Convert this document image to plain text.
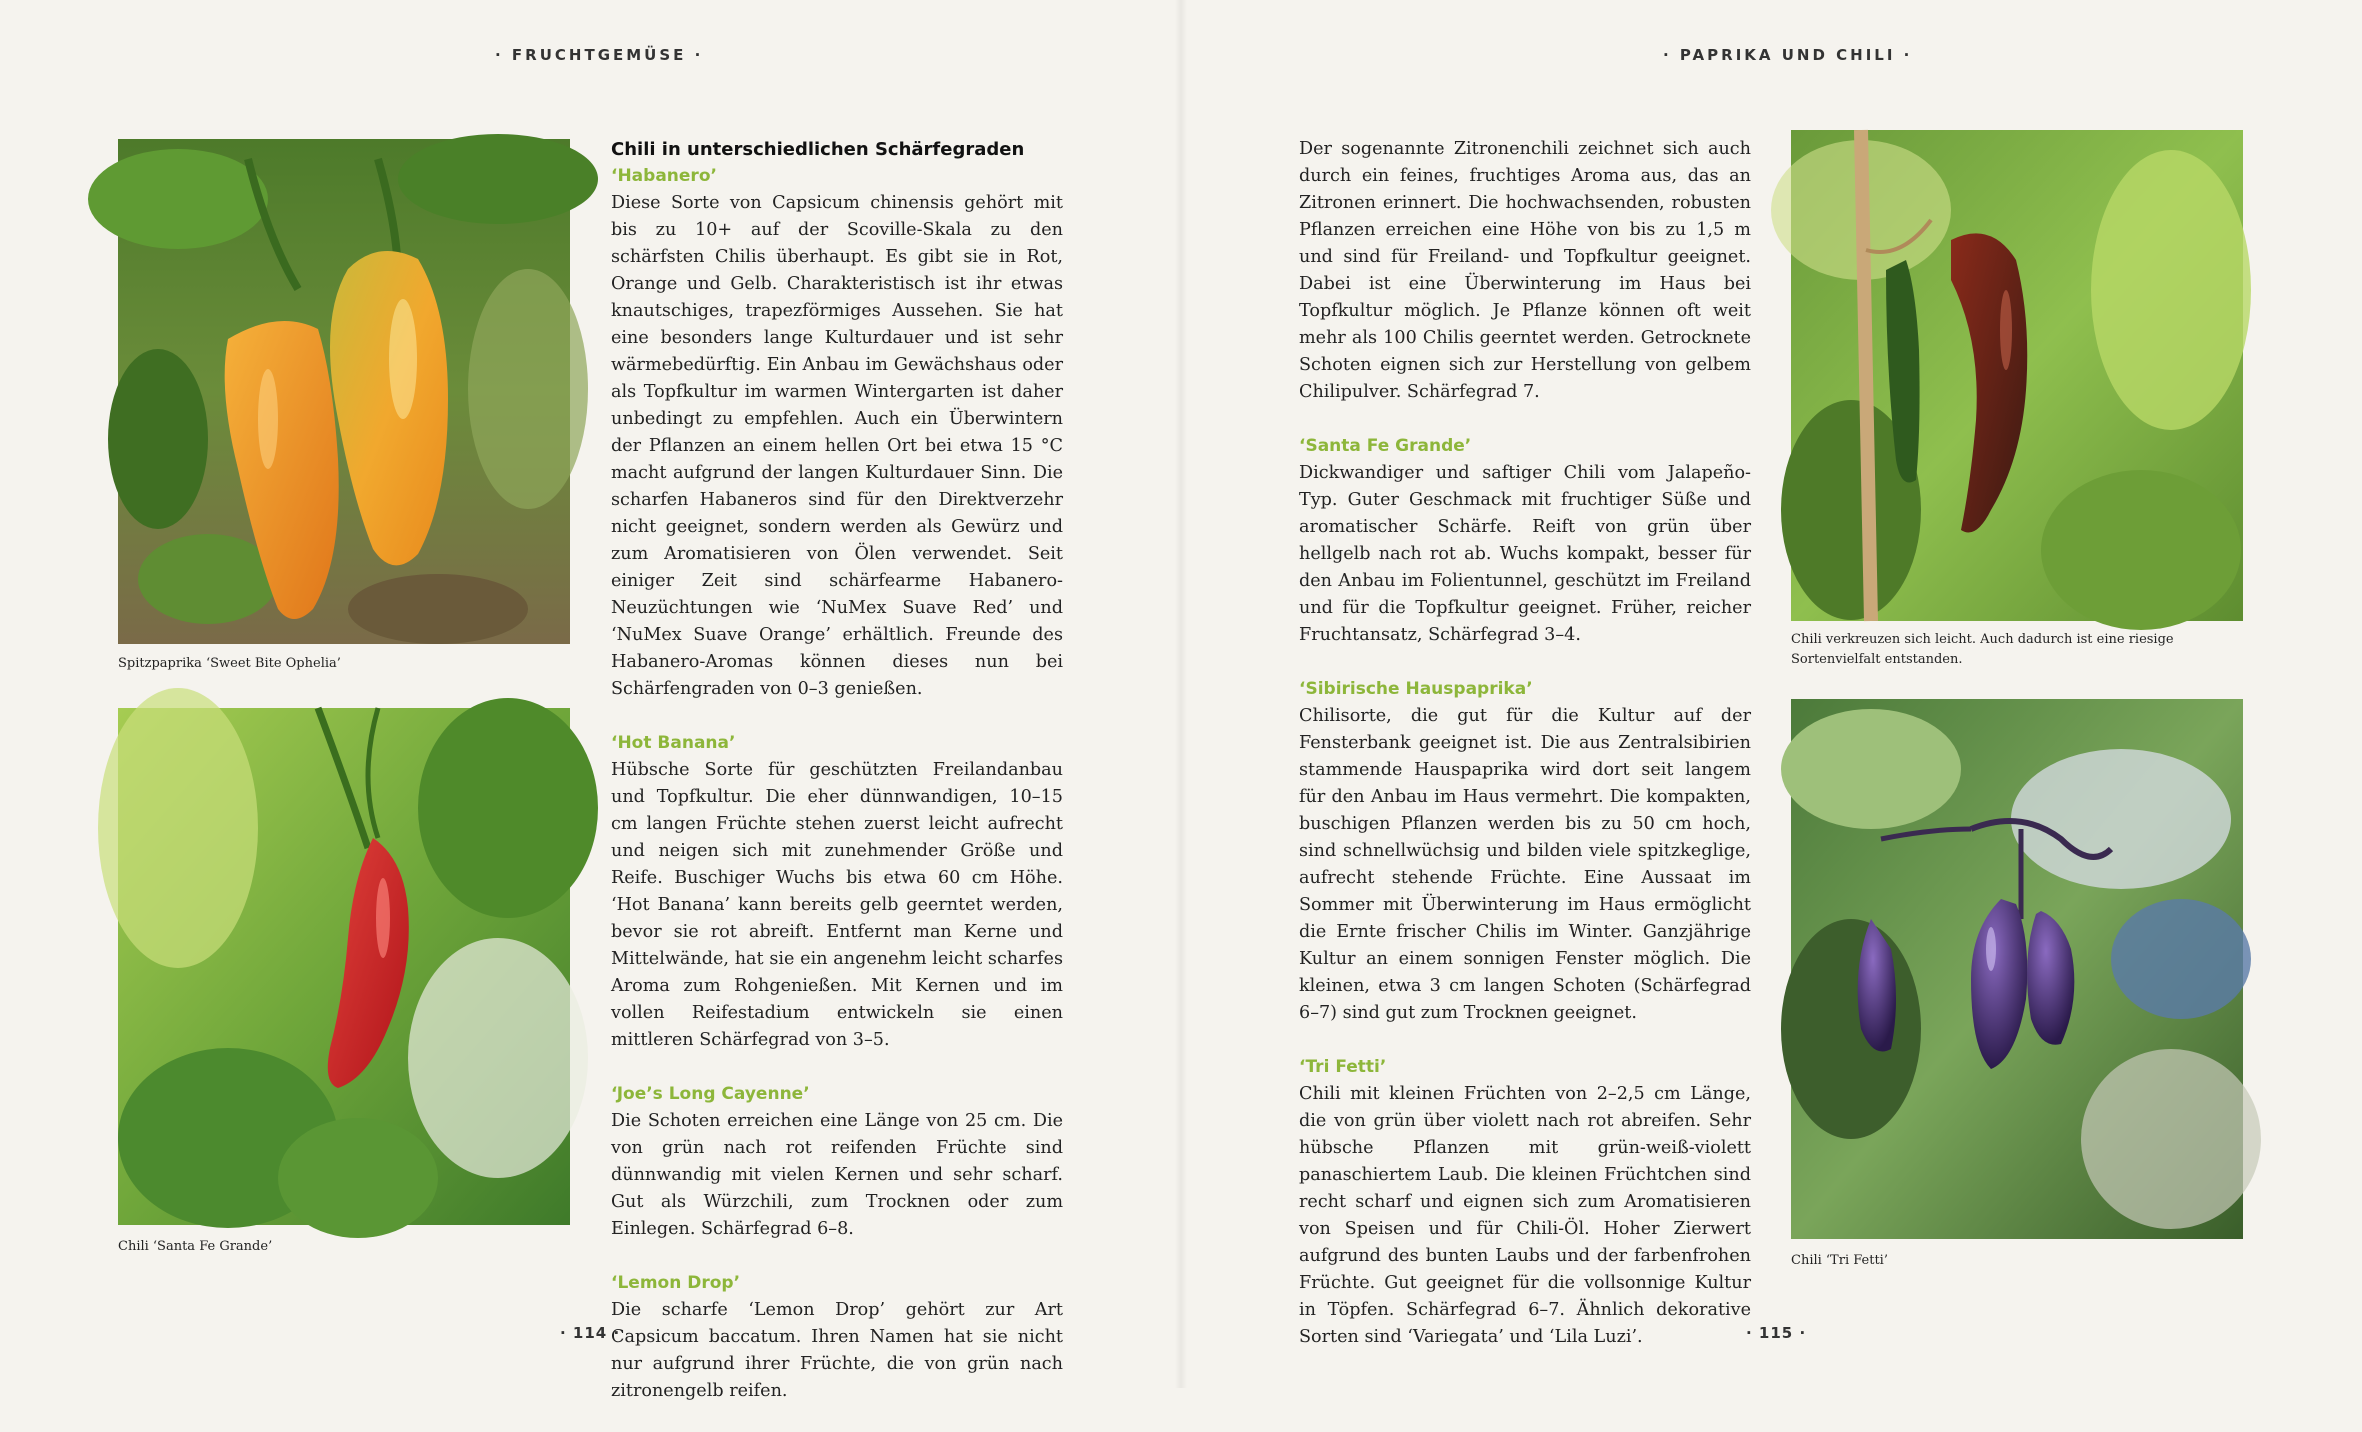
· FRUCHTGEMÜSE ·
Spitzpaprika ‘Sweet Bite Ophelia’
Chili ‘Santa Fe Grande’
Chili in unterschiedlichen Schärfegraden
‘Habanero’

Diese Sorte von Capsicum chinensis gehört mit bis zu 10+ auf der Scoville-Skala zu den schärfsten Chilis überhaupt. Es gibt sie in Rot, Orange und Gelb. Charakteristisch ist ihr etwas knautschiges, trapezförmiges Aussehen. Sie hat eine besonders lange Kulturdauer und ist sehr wärmebedürftig. Ein Anbau im Gewächshaus oder als Topfkultur im warmen Wintergarten ist daher unbedingt zu empfehlen. Auch ein Überwintern der Pflanzen an einem hellen Ort bei etwa 15 °C macht aufgrund der langen Kulturdauer Sinn. Die scharfen Habaneros sind für den Direktverzehr nicht geeignet, sondern werden als Gewürz und zum Aromatisieren von Ölen verwendet. Seit einiger Zeit sind schärfearme Habanero-Neuzüchtungen wie ‘NuMex Suave Red’ und ‘NuMex Suave Orange’ erhältlich. Freunde des Habanero-Aromas können dieses nun bei Schärfengraden von 0–3 genießen.

‘Hot Banana’

Hübsche Sorte für geschützten Freilandanbau und Topfkultur. Die eher dünnwandigen, 10–15 cm langen Früchte stehen zuerst leicht aufrecht und neigen sich mit zunehmender Größe und Reife. Buschiger Wuchs bis etwa 60 cm Höhe. ‘Hot Banana’ kann bereits gelb geerntet werden, bevor sie rot abreift. Entfernt man Kerne und Mittelwände, hat sie ein angenehm leicht scharfes Aroma zum Rohgenießen. Mit Kernen und im vollen Reifestadium entwickeln sie einen mittleren Schärfegrad von 3–5.

‘Joe’s Long Cayenne’

Die Schoten erreichen eine Länge von 25 cm. Die von grün nach rot reifenden Früchte sind dünnwandig mit vielen Kernen und sehr scharf. Gut als Würzchili, zum Trocknen oder zum Einlegen. Schärfegrad 6–8.

‘Lemon Drop’

Die scharfe ‘Lemon Drop’ gehört zur Art Capsicum baccatum. Ihren Namen hat sie nicht nur aufgrund ihrer Früchte, die von grün nach zitronengelb reifen.

· 114 ·
· PAPRIKA UND CHILI ·

Der sogenannte Zitronenchili zeichnet sich auch durch ein feines, fruchtiges Aroma aus, das an Zitronen erinnert. Die hochwachsenden, robusten Pflanzen erreichen eine Höhe von bis zu 1,5 m und sind für Freiland- und Topfkultur geeignet. Dabei ist eine Überwinterung im Haus bei Topfkultur möglich. Je Pflanze können oft weit mehr als 100 Chilis geerntet werden. Getrocknete Schoten eignen sich zur Herstellung von gelbem Chilipulver. Schärfegrad 7.

‘Santa Fe Grande’

Dickwandiger und saftiger Chili vom Jalapeño-Typ. Guter Geschmack mit fruchtiger Süße und aromatischer Schärfe. Reift von grün über hellgelb nach rot ab. Wuchs kompakt, besser für den Anbau im Folientunnel, geschützt im Freiland und für die Topfkultur geeignet. Früher, reicher Fruchtansatz, Schärfegrad 3–4.

‘Sibirische Hauspaprika’

Chilisorte, die gut für die Kultur auf der Fensterbank geeignet ist. Die aus Zentralsibirien stammende Hauspaprika wird dort seit langem für den Anbau im Haus vermehrt. Die kompakten, buschigen Pflanzen werden bis zu 50 cm hoch, sind schnellwüchsig und bilden viele spitzkeglige, aufrecht stehende Früchte. Eine Aussaat im Sommer mit Überwinterung im Haus ermöglicht die Ernte frischer Chilis im Winter. Ganzjährige Kultur an einem sonnigen Fenster möglich. Die kleinen, etwa 3 cm langen Schoten (Schärfegrad 6–7) sind gut zum Trocknen geeignet.

‘Tri Fetti’

Chili mit kleinen Früchten von 2–2,5 cm Länge, die von grün über violett nach rot abreifen. Sehr hübsche Pflanzen mit grün-weiß-violett panaschiertem Laub. Die kleinen Früchtchen sind recht scharf und eignen sich zum Aromatisieren von Speisen und für Chili-Öl. Hoher Zierwert aufgrund des bunten Laubs und der farbenfrohen Früchte. Gut geeignet für die vollsonnige Kultur in Töpfen. Schärfegrad 6–7. Ähnlich dekorative Sorten sind ‘Variegata’ und ‘Lila Luzi’.

Chili verkreuzen sich leicht. Auch dadurch ist eine riesige Sortenvielfalt entstanden.
Chili ‘Tri Fetti’
· 115 ·
